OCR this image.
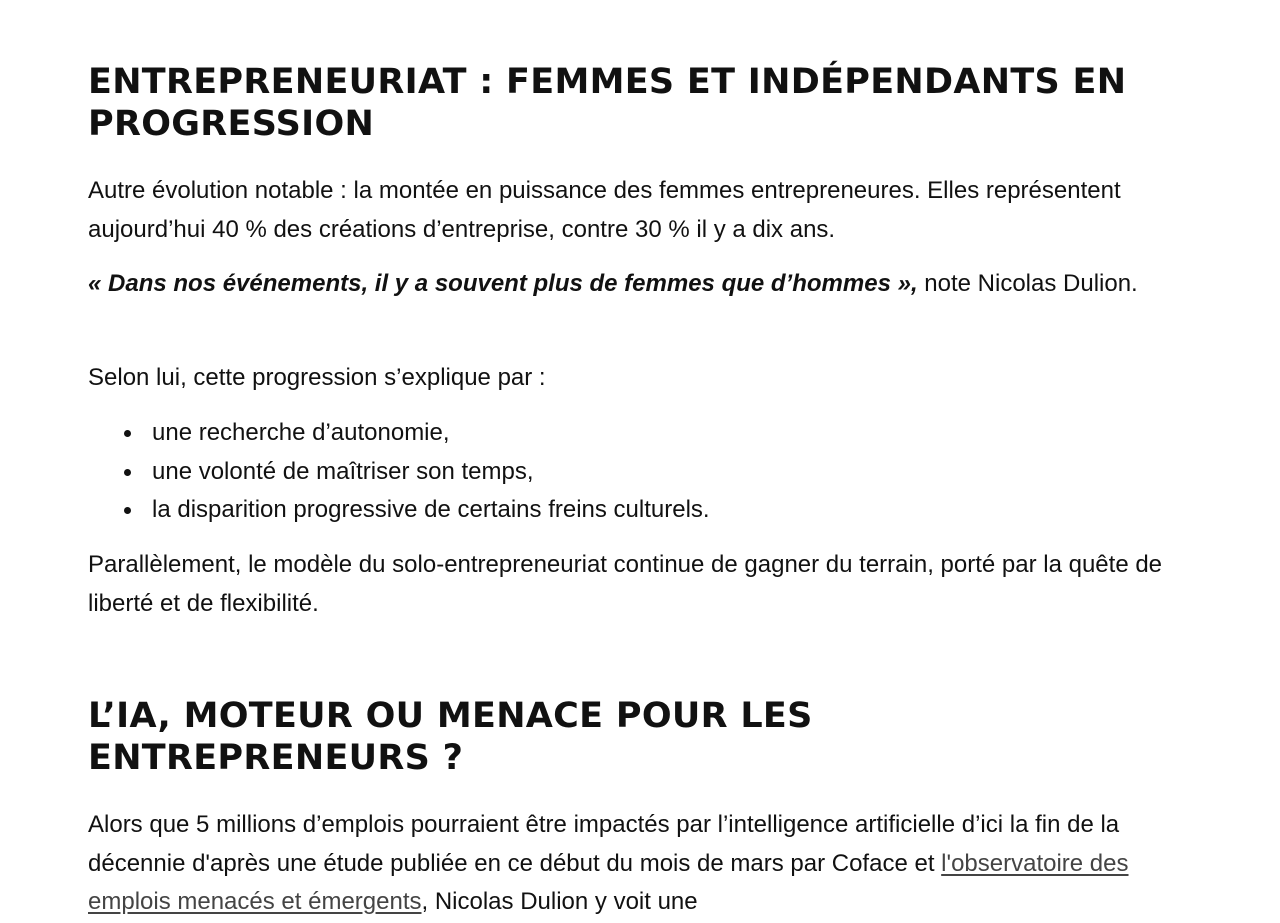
ENTREPRENEURIAT : FEMMES ET INDÉPENDANTS EN PROGRESSION

Autre évolution notable : la montée en puissance des femmes entrepreneures. Elles représentent aujourd’hui 40 % des créations d’entreprise, contre 30 % il y a dix ans.

« Dans nos événements, il y a souvent plus de femmes que d’hommes », note Nicolas Dulion.

Selon lui, cette progression s’explique par :

une recherche d’autonomie,
une volonté de maîtriser son temps,
la disparition progressive de certains freins culturels.

Parallèlement, le modèle du solo-entrepreneuriat continue de gagner du terrain, porté par la quête de liberté et de flexibilité.

L’IA, MOTEUR OU MENACE POUR LES ENTREPRENEURS ?

Alors que 5 millions d’emplois pourraient être impactés par l’intelligence artificielle d’ici la fin de la décennie d'après une étude publiée en ce début du mois de mars par Coface et l'observatoire des emplois menacés et émergents, Nicolas Dulion y voit une
